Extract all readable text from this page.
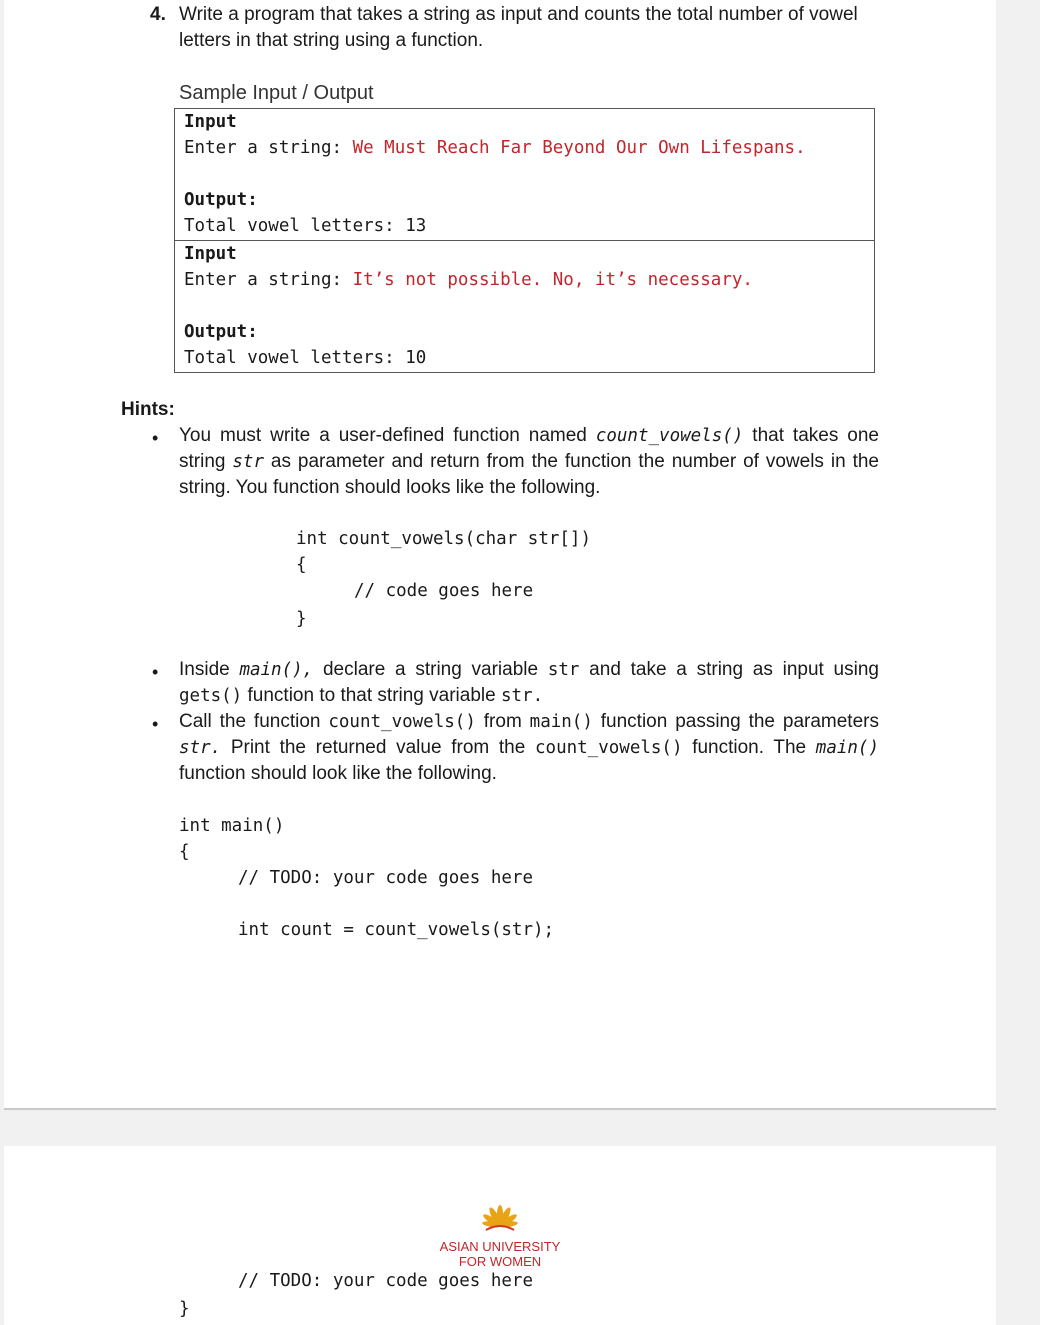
4. Write a program that takes a string as input and counts the total number of vowel
letters in that string using a function.
Sample Input / Output
Input
Enter a string: We Must Reach Far Beyond Our Own Lifespans.
Output:
Total vowel letters: 13
Input
Enter a string: It’s not possible. No, it’s necessary.
Output:
Total vowel letters: 10
Hints:
• You must write a user-defined function named count_vowels() that takes one string str as parameter and return from the function the number of vowels in the string. You function should looks like the following.
int count_vowels(char str[])
{
// code goes here
}
• Inside main(), declare a string variable str and take a string as input using gets() function to that string variable str.
• Call the function count_vowels() from main() function passing the parameters str. Print the returned value from the count_vowels() function. The main() function should look like the following.
int main()
{
// TODO: your code goes here
int count = count_vowels(str);
ASIAN UNIVERSITY
FOR WOMEN
// TODO: your code goes here
}
